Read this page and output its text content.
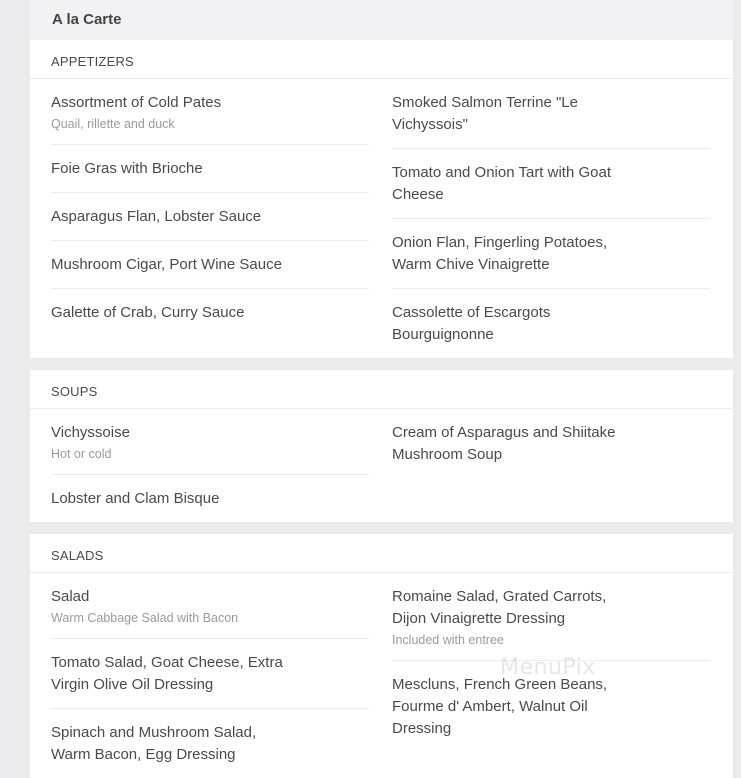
A la Carte
APPETIZERS
Assortment of Cold Pates
Quail, rillette and duck
Foie Gras with Brioche
Asparagus Flan, Lobster Sauce
Mushroom Cigar, Port Wine Sauce
Galette of Crab, Curry Sauce
Smoked Salmon Terrine "Le Vichyssois"
Tomato and Onion Tart with Goat Cheese
Onion Flan, Fingerling Potatoes, Warm Chive Vinaigrette
Cassolette of Escargots Bourguignonne
SOUPS
Vichyssoise
Hot or cold
Lobster and Clam Bisque
Cream of Asparagus and Shiitake Mushroom Soup
SALADS
Salad
Warm Cabbage Salad with Bacon
Tomato Salad, Goat Cheese, Extra Virgin Olive Oil Dressing
Spinach and Mushroom Salad, Warm Bacon, Egg Dressing
Romaine Salad, Grated Carrots, Dijon Vinaigrette Dressing
Included with entree
Mescluns, French Green Beans, Fourme d' Ambert, Walnut Oil Dressing
MenuPix
